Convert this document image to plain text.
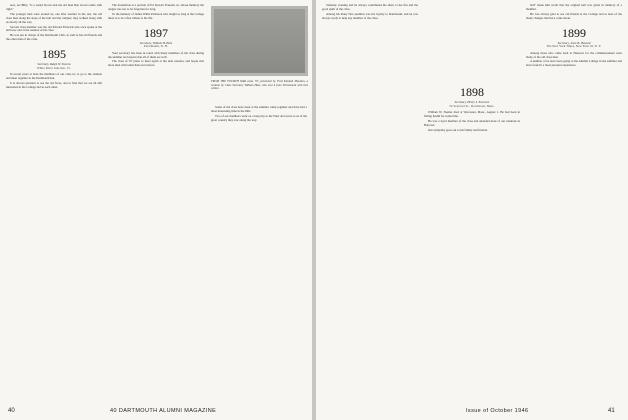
now, are Billy, "is a round brown seal the old man Ren Grove-castle with right."

The younger men were around us, one after another in the rest, the old class men along the steps of the hall and the campus; they walked along with us slowly all the way.

Second class member was the old Edward Fenwick who once spoke at the hall now and at the reunion of his class.

He was put in charge of the Dartmouth Club, as well as his old friends and the other men of the class.

1895
Secretary, Ralph W. Stevens
White River Junction, Vt.

In recent years at least the members of our class try to go to the reunion and meet together in the Dartmouth Inn.

It is always pleasant to see the old faces, and to find that we are all still interested in the College and in each other.

The foundation is a portrait of Ed Stewart Presents us, whose memory the Angus was not to be forgotten for long.

To the memory of James Willis Patterson who taught so long at the College there is to be a fine tribute to his life.

1897
Secretary, William H. Ham
Portsmouth, N. H.

Your secretary has been in touch with many members of the class during the summer and reports that all of them are well.

The class of '97 plans to meet again at the next reunion, and hopes that more men will return than ever before.

FROM THE FOURTH WAR came '97, presented by Fred Kimball Moulton, a cartoon by Class Secretary William Ham, who sent it from Portsmouth with best wishes.

Some of the class have been at the summer camp together and have had a most interesting time in the hills.

Two of our members went on a long trip to the West and wrote to us of the great country they saw along the way.

40 DARTMOUTH ALUMNI MAGAZINE

Saturday evening and he always contributed his share to the fun and the good spirit of the class.

Among his many fine qualities was his loyalty to Dartmouth, and he was always ready to help any member of the class.

1898
Secretary, Henry S. Emerson
54 Seyward St., Dorchester, Mass.

William W. Nestler died at Worcester, Mass., August 1. He had been in failing health for some time.

He was a loyal member of the class and attended most of our reunions in Hanover.

Our sympathy goes out to his family and friends.

bell" made him recall that the original bell was given in memory of a member.

He was always glad to see old friends at the College and to hear of the many changes that have come about.

1899
Secretary, Jesse B. Howard
The New York Times, New York 18, N. Y.

Among those who came back to Hanover for the commencement were many of the old class men.

A number of us have been going to the Alumni College in the summer and have found it a most pleasant experience.

Issue of October 1946
40	41
